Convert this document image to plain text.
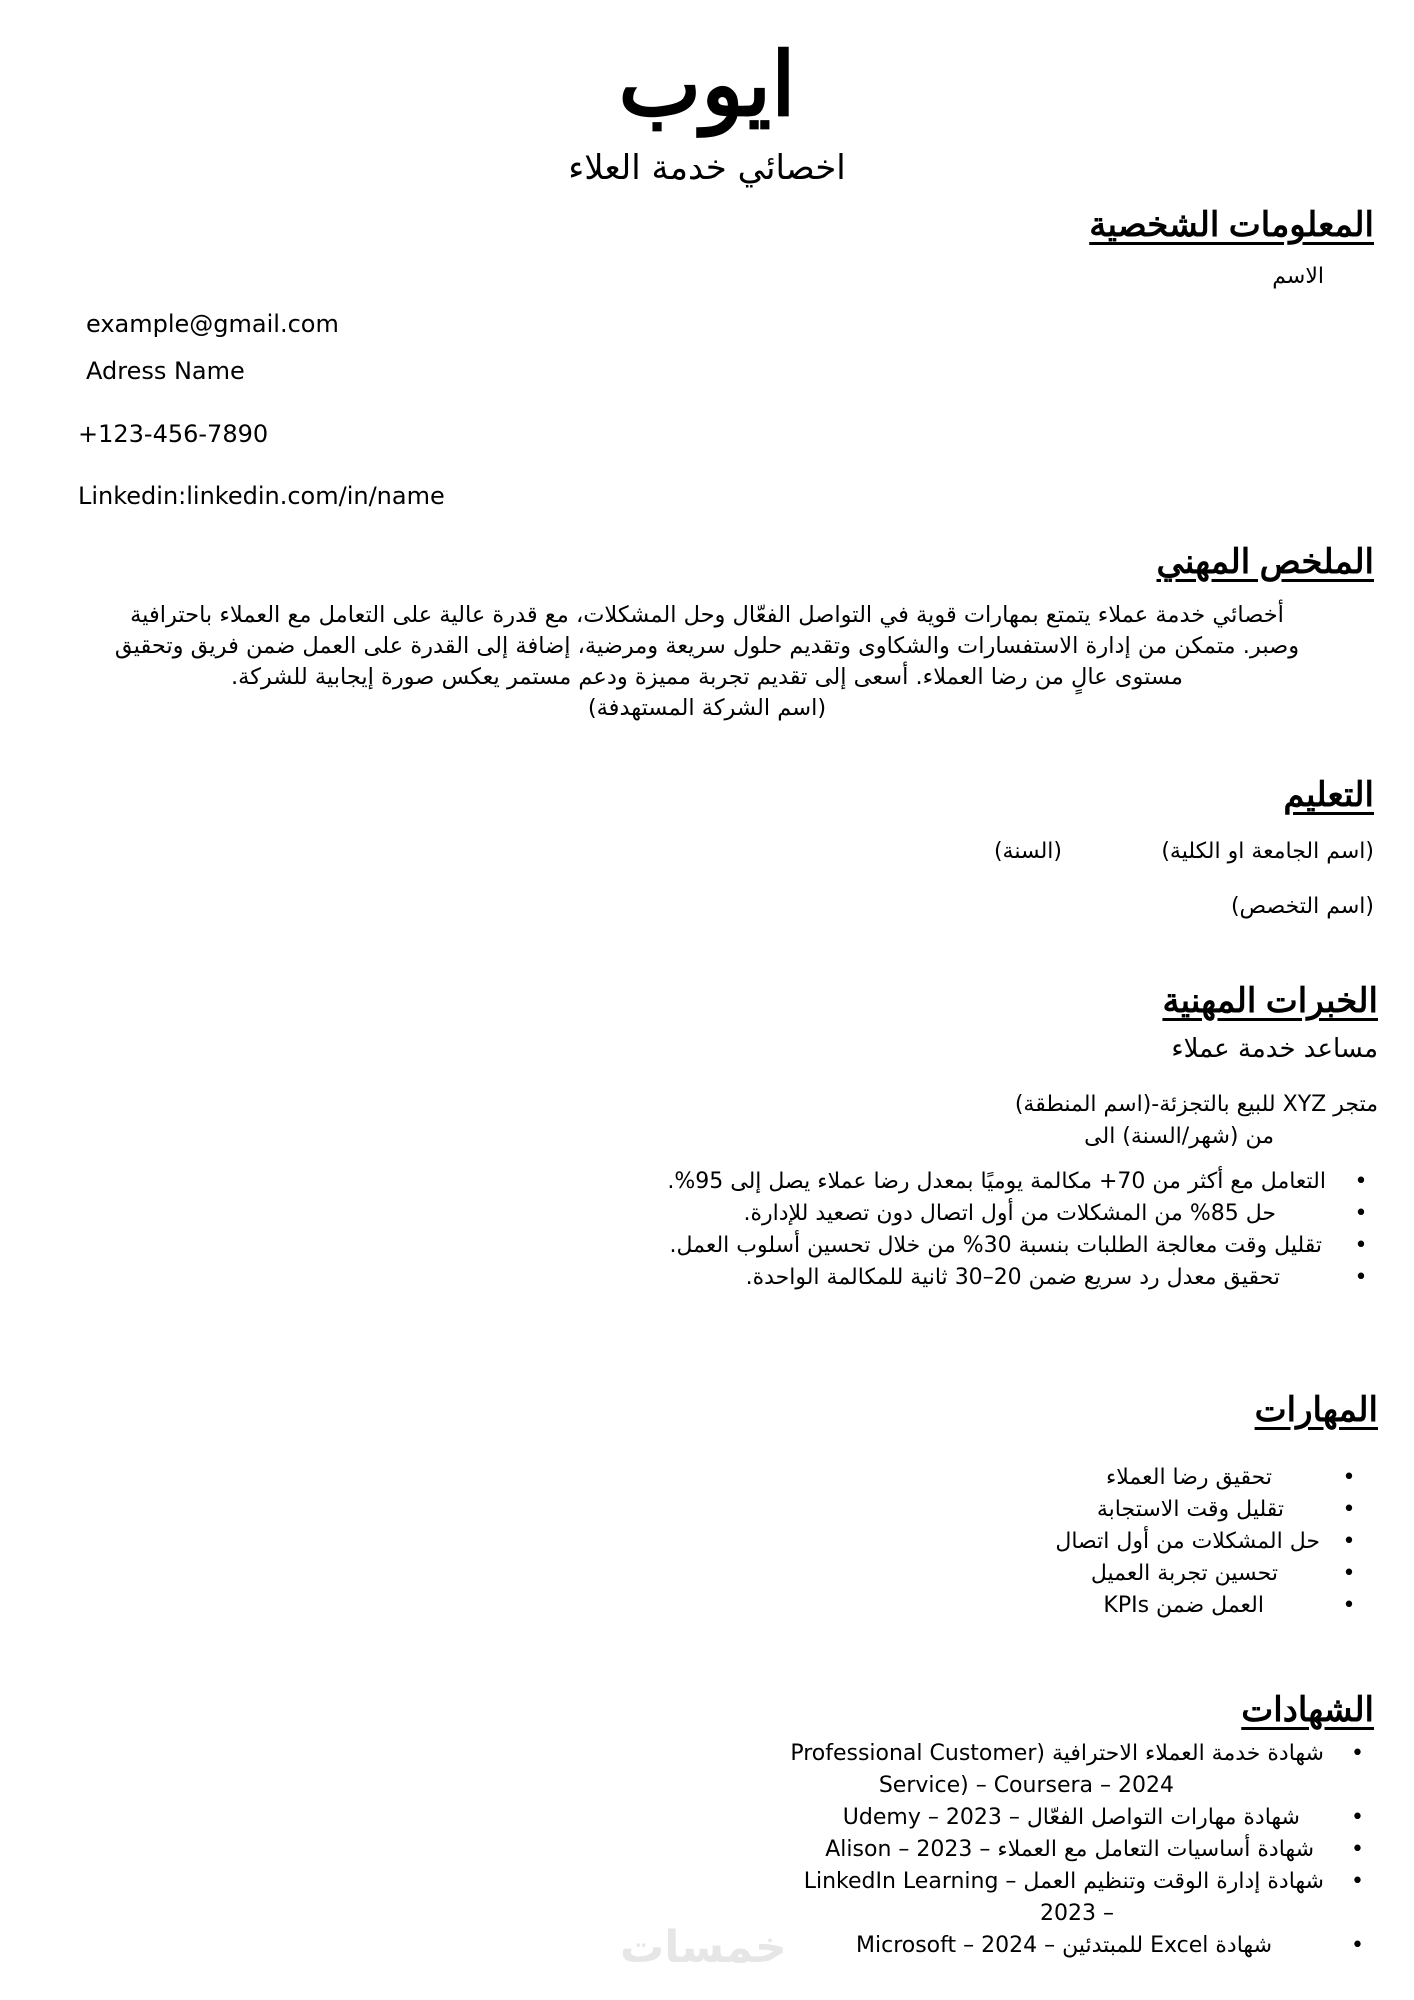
ايوب
اخصائي خدمة العلاء
المعلومات الشخصية
الاسم
example@gmail.com
Adress Name
+123-456-7890
Linkedin:linkedin.com/in/name
الملخص المهني
أخصائي خدمة عملاء يتمتع بمهارات قوية في التواصل الفعّال وحل المشكلات، مع قدرة عالية على التعامل مع العملاء باحترافية
وصبر. متمكن من إدارة الاستفسارات والشكاوى وتقديم حلول سريعة ومرضية، إضافة إلى القدرة على العمل ضمن فريق وتحقيق
مستوى عالٍ من رضا العملاء. أسعى إلى تقديم تجربة مميزة ودعم مستمر يعكس صورة إيجابية للشركة.
(اسم الشركة المستهدفة)
التعليم
(اسم الجامعة او الكلية)
(السنة)
(اسم التخصص)
الخبرات المهنية
مساعد خدمة عملاء
متجر XYZ للبيع بالتجزئة-(اسم المنطقة)
من (شهر/السنة) الى
•
التعامل مع أكثر من 70+ مكالمة يوميًا بمعدل رضا عملاء يصل إلى 95%.
•
حل 85% من المشكلات من أول اتصال دون تصعيد للإدارة.
•
تقليل وقت معالجة الطلبات بنسبة 30% من خلال تحسين أسلوب العمل.
•
تحقيق معدل رد سريع ضمن 20–30 ثانية للمكالمة الواحدة.
المهارات
•
تحقيق رضا العملاء
•
تقليل وقت الاستجابة
•
حل المشكلات من أول اتصال
•
تحسين تجربة العميل
•
العمل ضمن KPIs
الشهادات
•
شهادة خدمة العملاء الاحترافية (Professional Customer
Service) – Coursera – 2024
•
شهادة مهارات التواصل الفعّال – Udemy – 2023
•
شهادة أساسيات التعامل مع العملاء – Alison – 2023
•
شهادة إدارة الوقت وتنظيم العمل – LinkedIn Learning
– 2023
•
شهادة Excel للمبتدئين – Microsoft – 2024
خمسات
